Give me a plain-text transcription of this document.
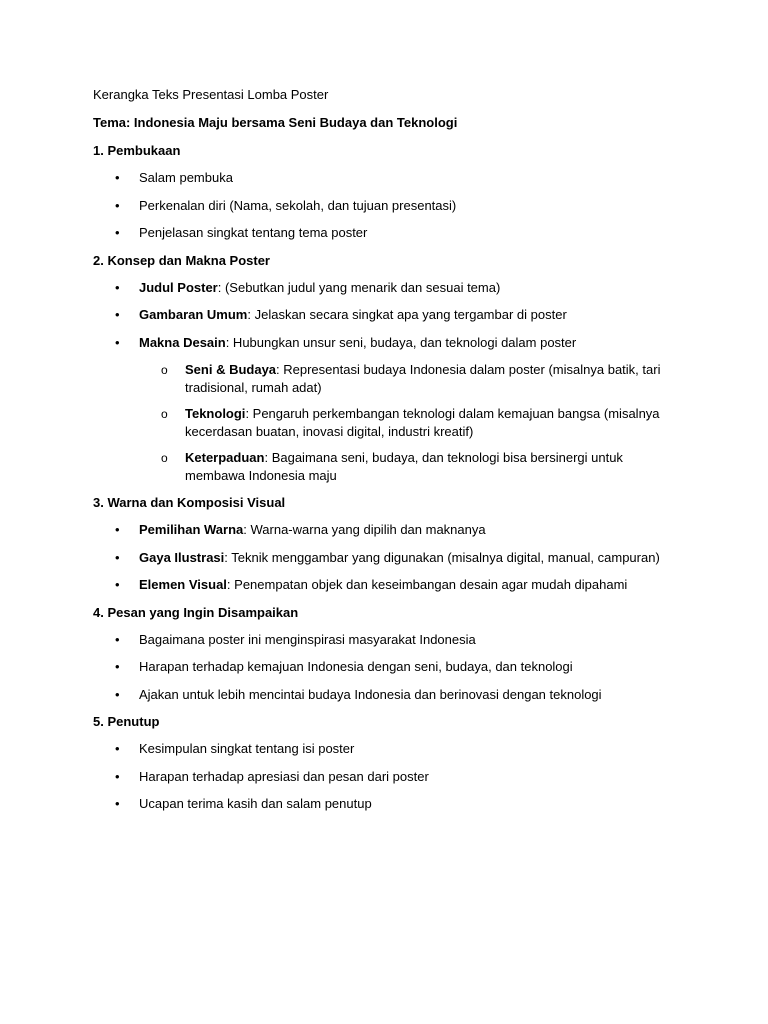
Kerangka Teks Presentasi Lomba Poster

Tema: Indonesia Maju bersama Seni Budaya dan Teknologi

1. Pembukaan

• Salam pembuka
• Perkenalan diri (Nama, sekolah, dan tujuan presentasi)
• Penjelasan singkat tentang tema poster

2. Konsep dan Makna Poster

• Judul Poster: (Sebutkan judul yang menarik dan sesuai tema)
• Gambaran Umum: Jelaskan secara singkat apa yang tergambar di poster
• Makna Desain: Hubungkan unsur seni, budaya, dan teknologi dalam poster
o Seni & Budaya: Representasi budaya Indonesia dalam poster (misalnya batik, tari tradisional, rumah adat)
o Teknologi: Pengaruh perkembangan teknologi dalam kemajuan bangsa (misalnya kecerdasan buatan, inovasi digital, industri kreatif)
o Keterpaduan: Bagaimana seni, budaya, dan teknologi bisa bersinergi untuk membawa Indonesia maju

3. Warna dan Komposisi Visual

• Pemilihan Warna: Warna-warna yang dipilih dan maknanya
• Gaya Ilustrasi: Teknik menggambar yang digunakan (misalnya digital, manual, campuran)
• Elemen Visual: Penempatan objek dan keseimbangan desain agar mudah dipahami

4. Pesan yang Ingin Disampaikan

• Bagaimana poster ini menginspirasi masyarakat Indonesia
• Harapan terhadap kemajuan Indonesia dengan seni, budaya, dan teknologi
• Ajakan untuk lebih mencintai budaya Indonesia dan berinovasi dengan teknologi

5. Penutup

• Kesimpulan singkat tentang isi poster
• Harapan terhadap apresiasi dan pesan dari poster
• Ucapan terima kasih dan salam penutup
